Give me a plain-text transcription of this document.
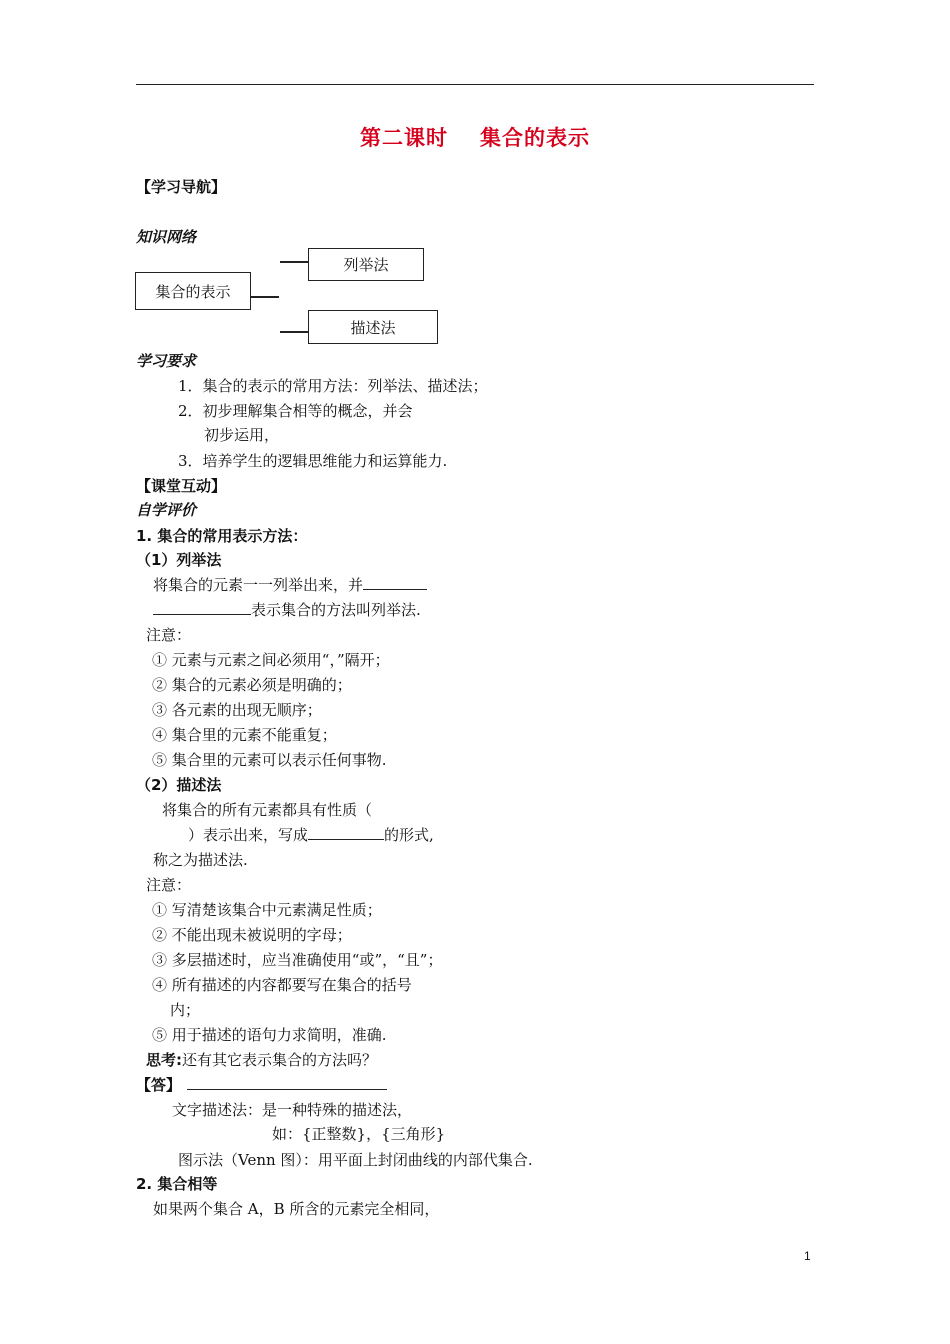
第二课时 集合的表示
【学习导航】
知识网络
集合的表示
列举法
描述法
学习要求
1．集合的表示的常用方法：列举法、描述法；
2．初步理解集合相等的概念，并会
初步运用，
3．培养学生的逻辑思维能力和运算能力.
【课堂互动】
自学评价
1. 集合的常用表示方法：
（1）列举法
将集合的元素一一列举出来，并
表示集合的方法叫列举法.
注意：
① 元素与元素之间必须用“，”隔开；
② 集合的元素必须是明确的；
③ 各元素的出现无顺序；
④ 集合里的元素不能重复；
⑤ 集合里的元素可以表示任何事物.
（2）描述法
将集合的所有元素都具有性质（
）表示出来，写成	的形式,
称之为描述法.
注意：
① 写清楚该集合中元素满足性质；
② 不能出现未被说明的字母；
③ 多层描述时，应当准确使用“或”，“且”；
④ 所有描述的内容都要写在集合的括号
内；
⑤ 用于描述的语句力求简明，准确.
思考:还有其它表示集合的方法吗？
【答】
文字描述法：是一种特殊的描述法，
如：{正整数}，{三角形}
图示法（Venn 图）：用平面上封闭曲线的内部代集合.
2. 集合相等
如果两个集合 A，B 所含的元素完全相同，
1
